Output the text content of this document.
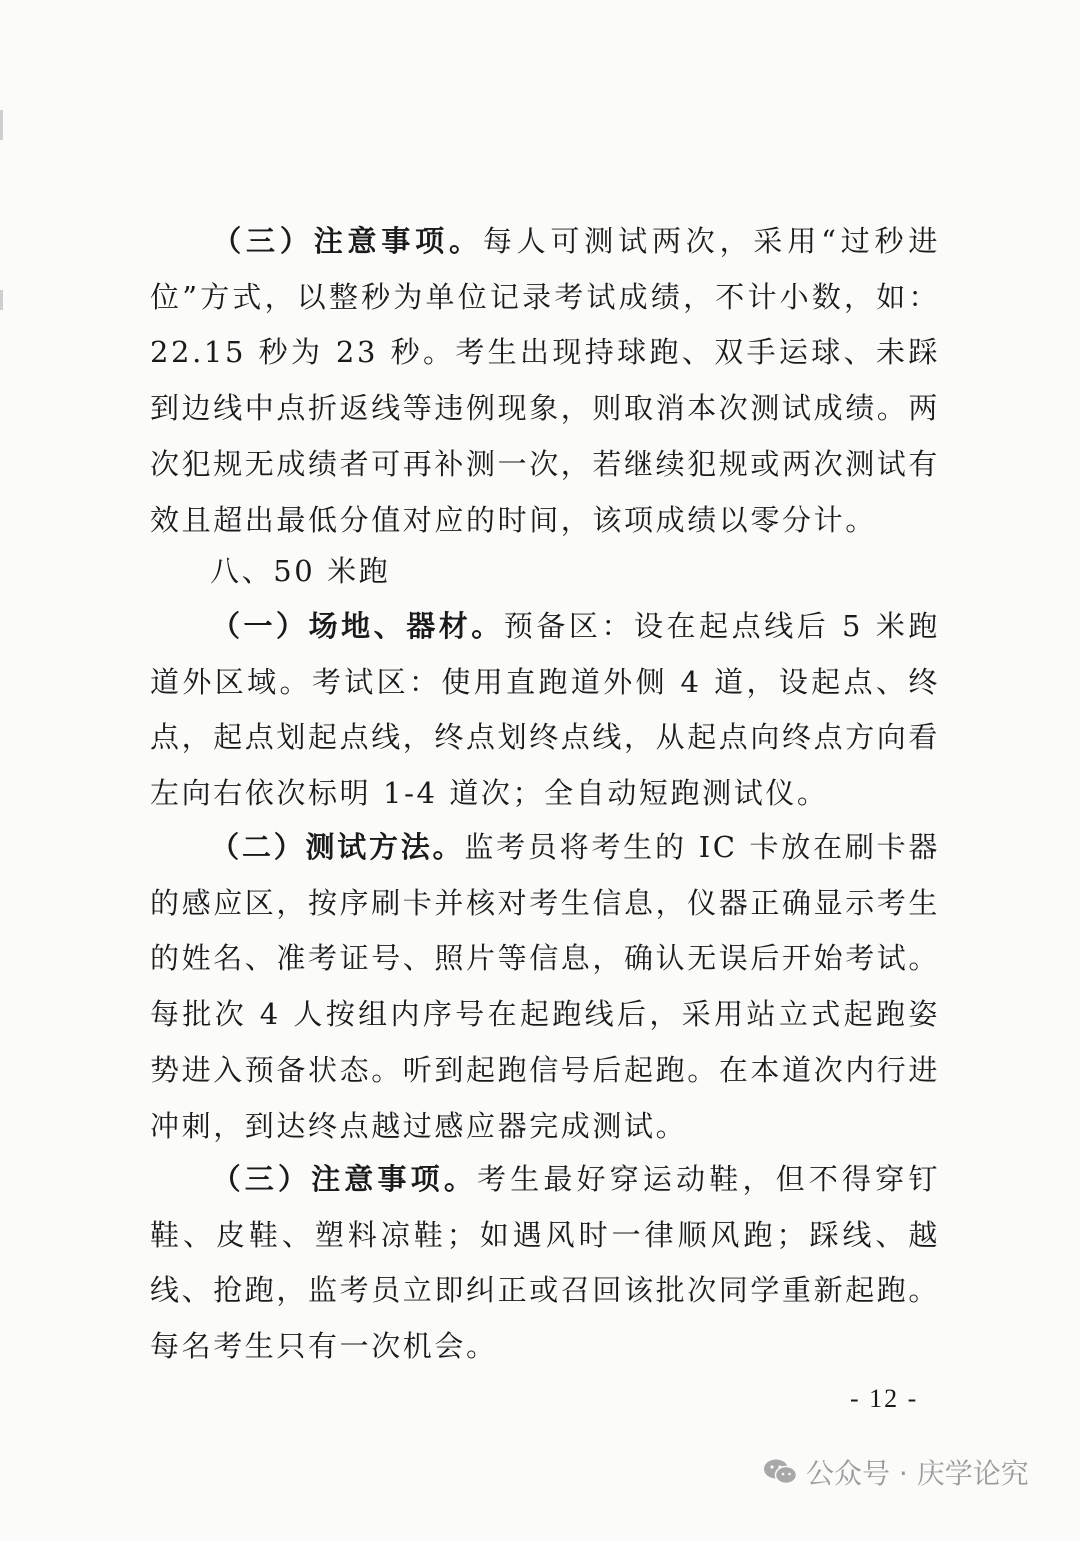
（三）注意事项。每人可测试两次，采用“过秒进位”方式，以整秒为单位记录考试成绩，不计小数，如：22.15 秒为 23 秒。考生出现持球跑、双手运球、未踩到边线中点折返线等违例现象，则取消本次测试成绩。两次犯规无成绩者可再补测一次，若继续犯规或两次测试有效且超出最低分值对应的时间，该项成绩以零分计。

八、50 米跑

（一）场地、器材。预备区：设在起点线后 5 米跑道外区域。考试区：使用直跑道外侧 4 道，设起点、终点，起点划起点线，终点划终点线，从起点向终点方向看左向右依次标明 1-4 道次；全自动短跑测试仪。

（二）测试方法。监考员将考生的 IC 卡放在刷卡器的感应区，按序刷卡并核对考生信息，仪器正确显示考生的姓名、准考证号、照片等信息，确认无误后开始考试。每批次 4 人按组内序号在起跑线后，采用站立式起跑姿势进入预备状态。听到起跑信号后起跑。在本道次内行进冲刺，到达终点越过感应器完成测试。

（三）注意事项。考生最好穿运动鞋，但不得穿钉鞋、皮鞋、塑料凉鞋；如遇风时一律顺风跑；踩线、越线、抢跑，监考员立即纠正或召回该批次同学重新起跑。每名考生只有一次机会。

- 12 -
公众号 · 庆学论究
